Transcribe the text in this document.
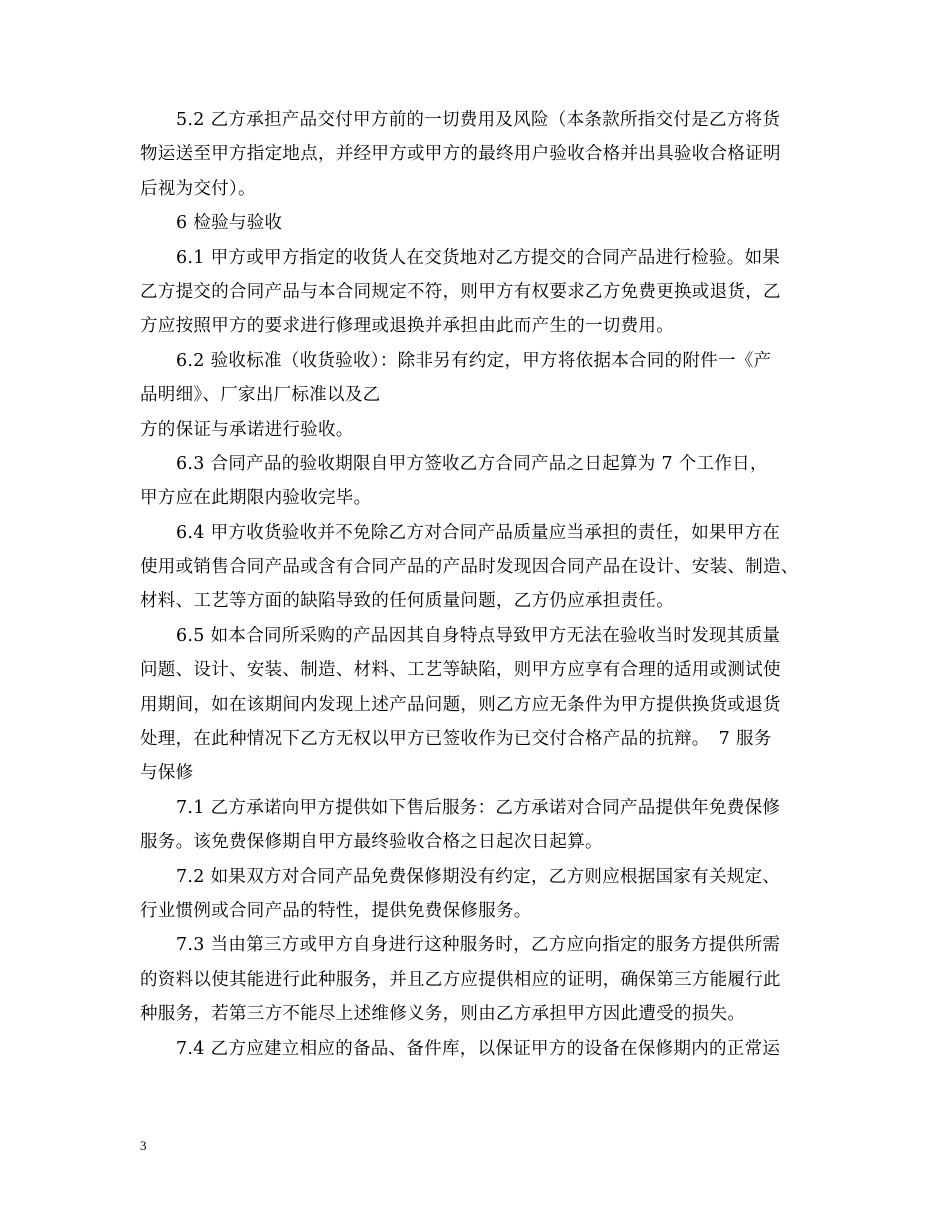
5.2 乙方承担产品交付甲方前的一切费用及风险（本条款所指交付是乙方将货
物运送至甲方指定地点，并经甲方或甲方的最终用户验收合格并出具验收合格证明
后视为交付）。
6 检验与验收
6.1 甲方或甲方指定的收货人在交货地对乙方提交的合同产品进行检验。如果
乙方提交的合同产品与本合同规定不符，则甲方有权要求乙方免费更换或退货，乙
方应按照甲方的要求进行修理或退换并承担由此而产生的一切费用。
6.2 验收标准（收货验收）：除非另有约定，甲方将依据本合同的附件一《产
品明细》、厂家出厂标准以及乙
方的保证与承诺进行验收。
6.3 合同产品的验收期限自甲方签收乙方合同产品之日起算为 7 个工作日，
甲方应在此期限内验收完毕。
6.4 甲方收货验收并不免除乙方对合同产品质量应当承担的责任，如果甲方在
使用或销售合同产品或含有合同产品的产品时发现因合同产品在设计、安装、制造、
材料、工艺等方面的缺陷导致的任何质量问题，乙方仍应承担责任。
6.5 如本合同所采购的产品因其自身特点导致甲方无法在验收当时发现其质量
问题、设计、安装、制造、材料、工艺等缺陷，则甲方应享有合理的适用或测试使
用期间，如在该期间内发现上述产品问题，则乙方应无条件为甲方提供换货或退货
处理，在此种情况下乙方无权以甲方已签收作为已交付合格产品的抗辩。　7 服务
与保修
7.1 乙方承诺向甲方提供如下售后服务：乙方承诺对合同产品提供年免费保修
服务。该免费保修期自甲方最终验收合格之日起次日起算。
7.2 如果双方对合同产品免费保修期没有约定，乙方则应根据国家有关规定、
行业惯例或合同产品的特性，提供免费保修服务。
7.3 当由第三方或甲方自身进行这种服务时，乙方应向指定的服务方提供所需
的资料以使其能进行此种服务，并且乙方应提供相应的证明，确保第三方能履行此
种服务，若第三方不能尽上述维修义务，则由乙方承担甲方因此遭受的损失。
7.4 乙方应建立相应的备品、备件库，以保证甲方的设备在保修期内的正常运
3
